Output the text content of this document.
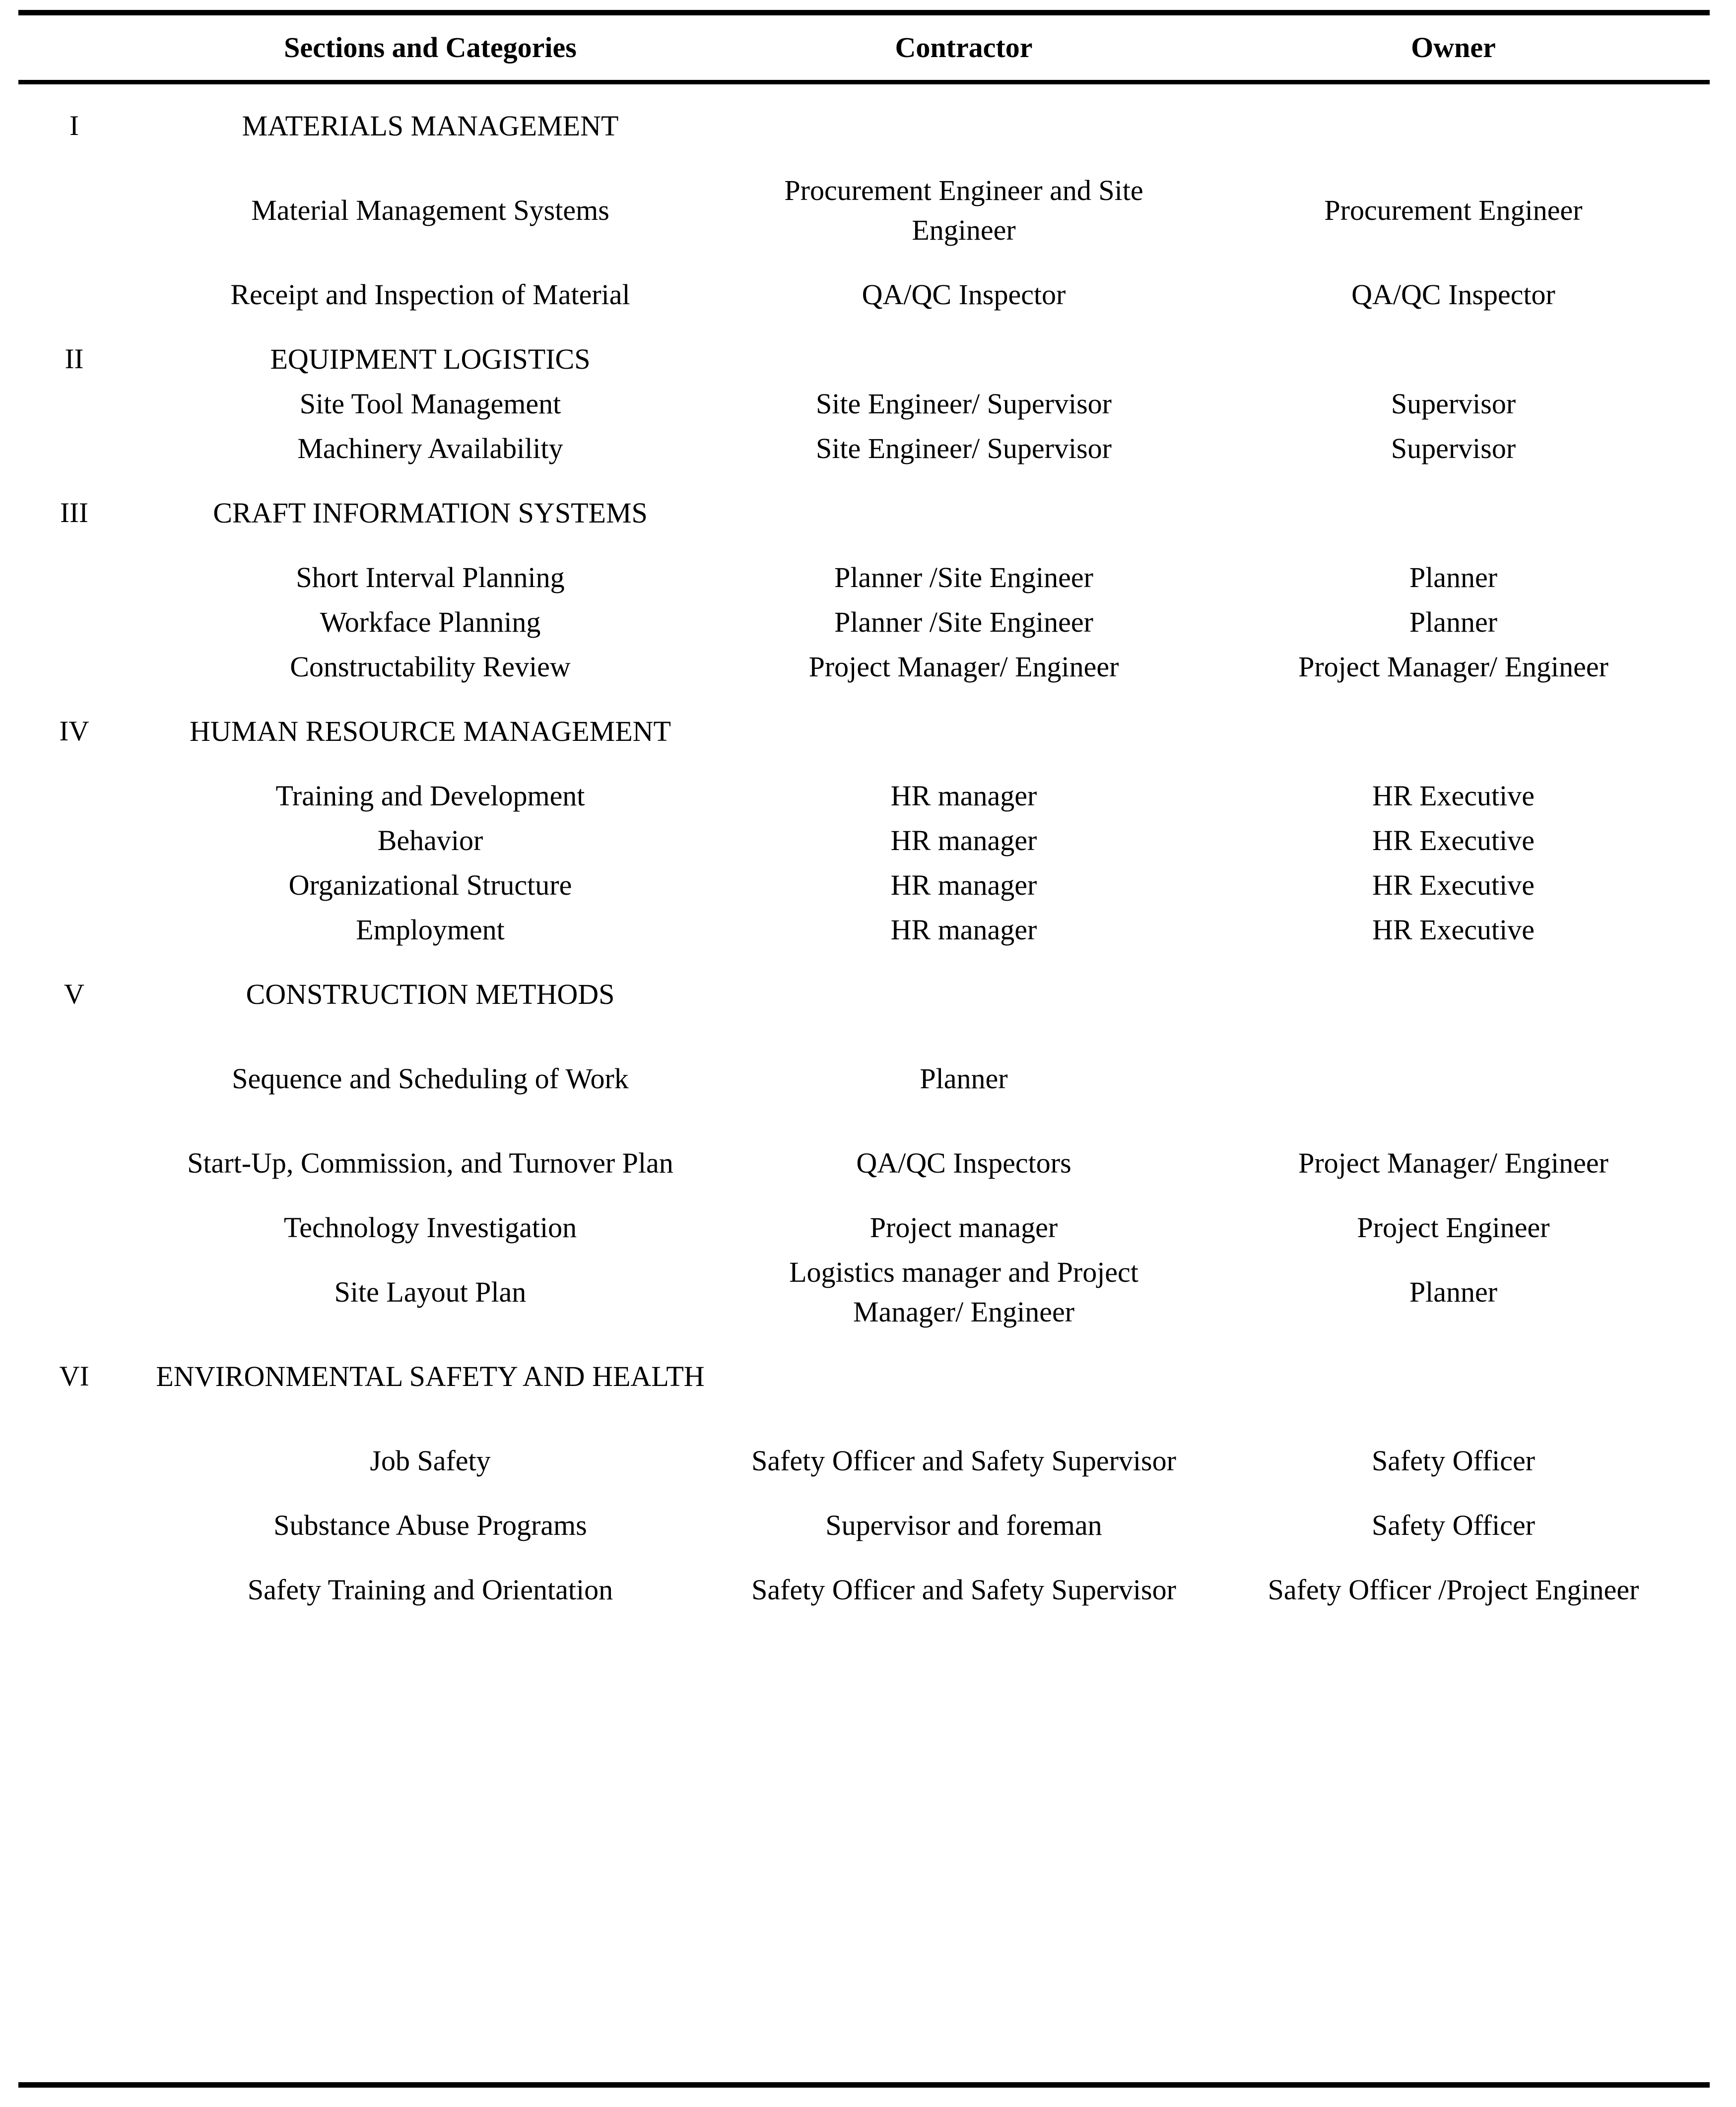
	Sections and Categories	Contractor	Owner
I	MATERIALS MANAGEMENT		
	Material Management Systems	Procurement Engineer and Site Engineer	Procurement Engineer
	Receipt and Inspection of Material	QA/QC Inspector	QA/QC Inspector
II	EQUIPMENT LOGISTICS		
	Site Tool Management	Site Engineer/ Supervisor	Supervisor
	Machinery Availability	Site Engineer/ Supervisor	Supervisor
III	CRAFT INFORMATION SYSTEMS		
	Short Interval Planning	Planner /Site Engineer	Planner
	Workface Planning	Planner /Site Engineer	Planner
	Constructability Review	Project Manager/ Engineer	Project Manager/ Engineer
IV	HUMAN RESOURCE MANAGEMENT		
	Training and Development	HR manager	HR Executive
	Behavior	HR manager	HR Executive
	Organizational Structure	HR manager	HR Executive
	Employment	HR manager	HR Executive
V	CONSTRUCTION METHODS		
	Sequence and Scheduling of Work	Planner	
	Start-Up, Commission, and Turnover Plan	QA/QC Inspectors	Project Manager/ Engineer
	Technology Investigation	Project manager	Project Engineer
	Site Layout Plan	Logistics manager and Project Manager/ Engineer	Planner
VI	ENVIRONMENTAL SAFETY AND HEALTH		
	Job Safety	Safety Officer and Safety Supervisor	Safety Officer
	Substance Abuse Programs	Supervisor and foreman	Safety Officer
	Safety Training and Orientation	Safety Officer and Safety Supervisor	Safety Officer /Project Engineer
